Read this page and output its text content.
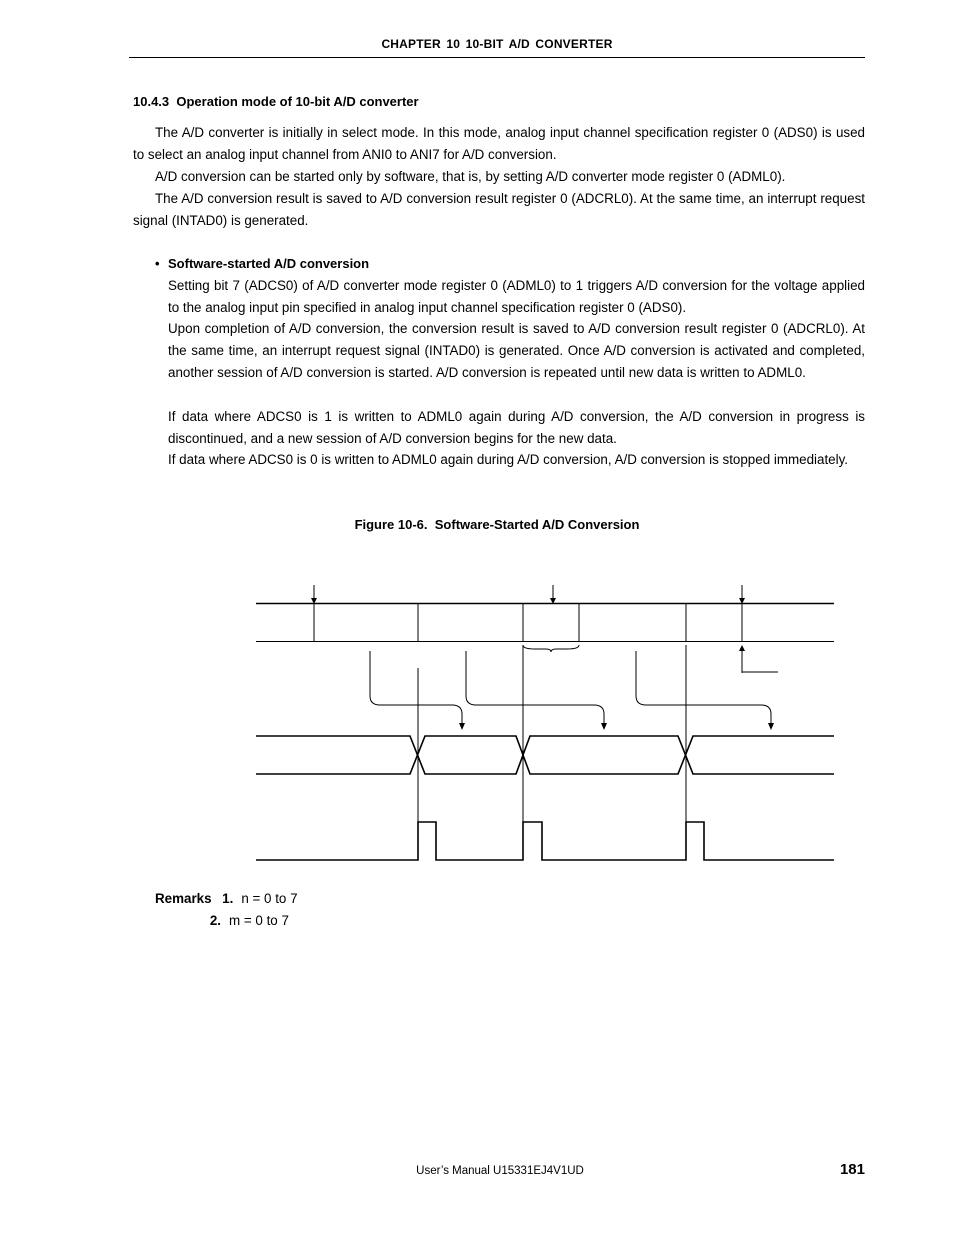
CHAPTER 10 10-BIT A/D CONVERTER
10.4.3  Operation mode of 10-bit A/D converter

The A/D converter is initially in select mode. In this mode, analog input channel specification register 0 (ADS0) is used to select an analog input channel from ANI0 to ANI7 for A/D conversion.

A/D conversion can be started only by software, that is, by setting A/D converter mode register 0 (ADML0).

The A/D conversion result is saved to A/D conversion result register 0 (ADCRL0). At the same time, an interrupt request signal (INTAD0) is generated.

• Software-started A/D conversion

Setting bit 7 (ADCS0) of A/D converter mode register 0 (ADML0) to 1 triggers A/D conversion for the voltage applied to the analog input pin specified in analog input channel specification register 0 (ADS0).

Upon completion of A/D conversion, the conversion result is saved to A/D conversion result register 0 (ADCRL0). At the same time, an interrupt request signal (INTAD0) is generated. Once A/D conversion is activated and completed, another session of A/D conversion is started. A/D conversion is repeated until new data is written to ADML0.

If data where ADCS0 is 1 is written to ADML0 again during A/D conversion, the A/D conversion in progress is discontinued, and a new session of A/D conversion begins for the new data.

If data where ADCS0 is 0 is written to ADML0 again during A/D conversion, A/D conversion is stopped immediately.

Figure 10-6.  Software-Started A/D Conversion
Remarks 1. n = 0 to 7
2. m = 0 to 7
User’s Manual U15331EJ4V1UD	181
